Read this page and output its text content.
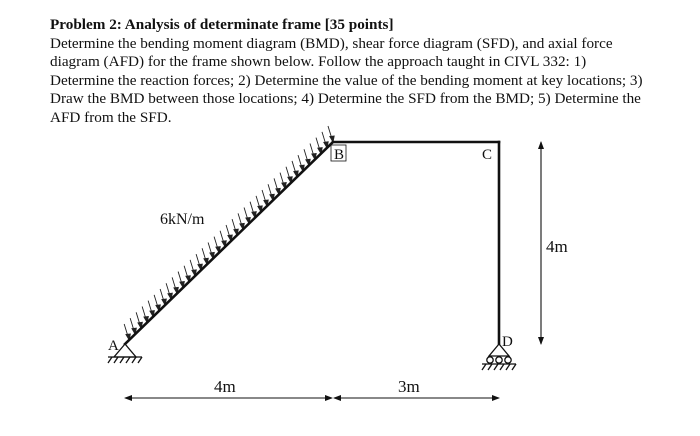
Problem 2: Analysis of determinate frame [35 points]
Determine the bending moment diagram (BMD), shear force diagram (SFD), and axial force diagram (AFD) for the frame shown below. Follow the approach taught in CIVL 332: 1) Determine the reaction forces; 2) Determine the value of the bending moment at key locations; 3) Draw the BMD between those locations; 4) Determine the SFD from the BMD; 5) Determine the AFD from the SFD.
A
B	C
D
6kN/m
4m	3m
4m
